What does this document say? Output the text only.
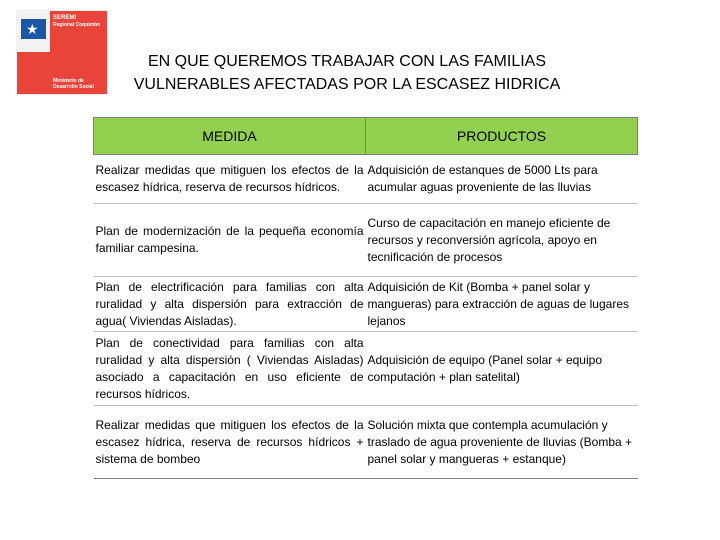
★
SEREMI
Regional Coquimbo
Ministerio de
Desarrollo Social
EN QUE QUEREMOS TRABAJAR CON LAS FAMILIAS
VULNERABLES AFECTADAS POR LA ESCASEZ HIDRICA
MEDIDA	PRODUCTOS
Realizar medidas que mitiguen los efectos de la escasez hídrica, reserva de recursos hídricos.	Adquisición de estanques de 5000 Lts para acumular aguas proveniente de las lluvias
Plan de modernización de la pequeña economía familiar campesina.	Curso de capacitación en manejo eficiente de recursos y reconversión agrícola, apoyo en tecnificación de procesos
Plan de electrificación para familias con alta ruralidad y alta dispersión para extracción de agua( Viviendas Aisladas).	Adquisición de Kit (Bomba + panel solar y mangueras) para extracción de aguas de lugares lejanos
Plan de conectividad para familias con alta ruralidad y alta dispersión ( Viviendas Aisladas) asociado a capacitación en uso eficiente de recursos hídricos.	Adquisición de equipo (Panel solar + equipo computación + plan satelital)
Realizar medidas que mitiguen los efectos de la escasez hídrica, reserva de recursos hídricos + sistema de bombeo	Solución mixta que contempla acumulación y traslado de agua proveniente de lluvias (Bomba + panel solar y mangueras + estanque)
